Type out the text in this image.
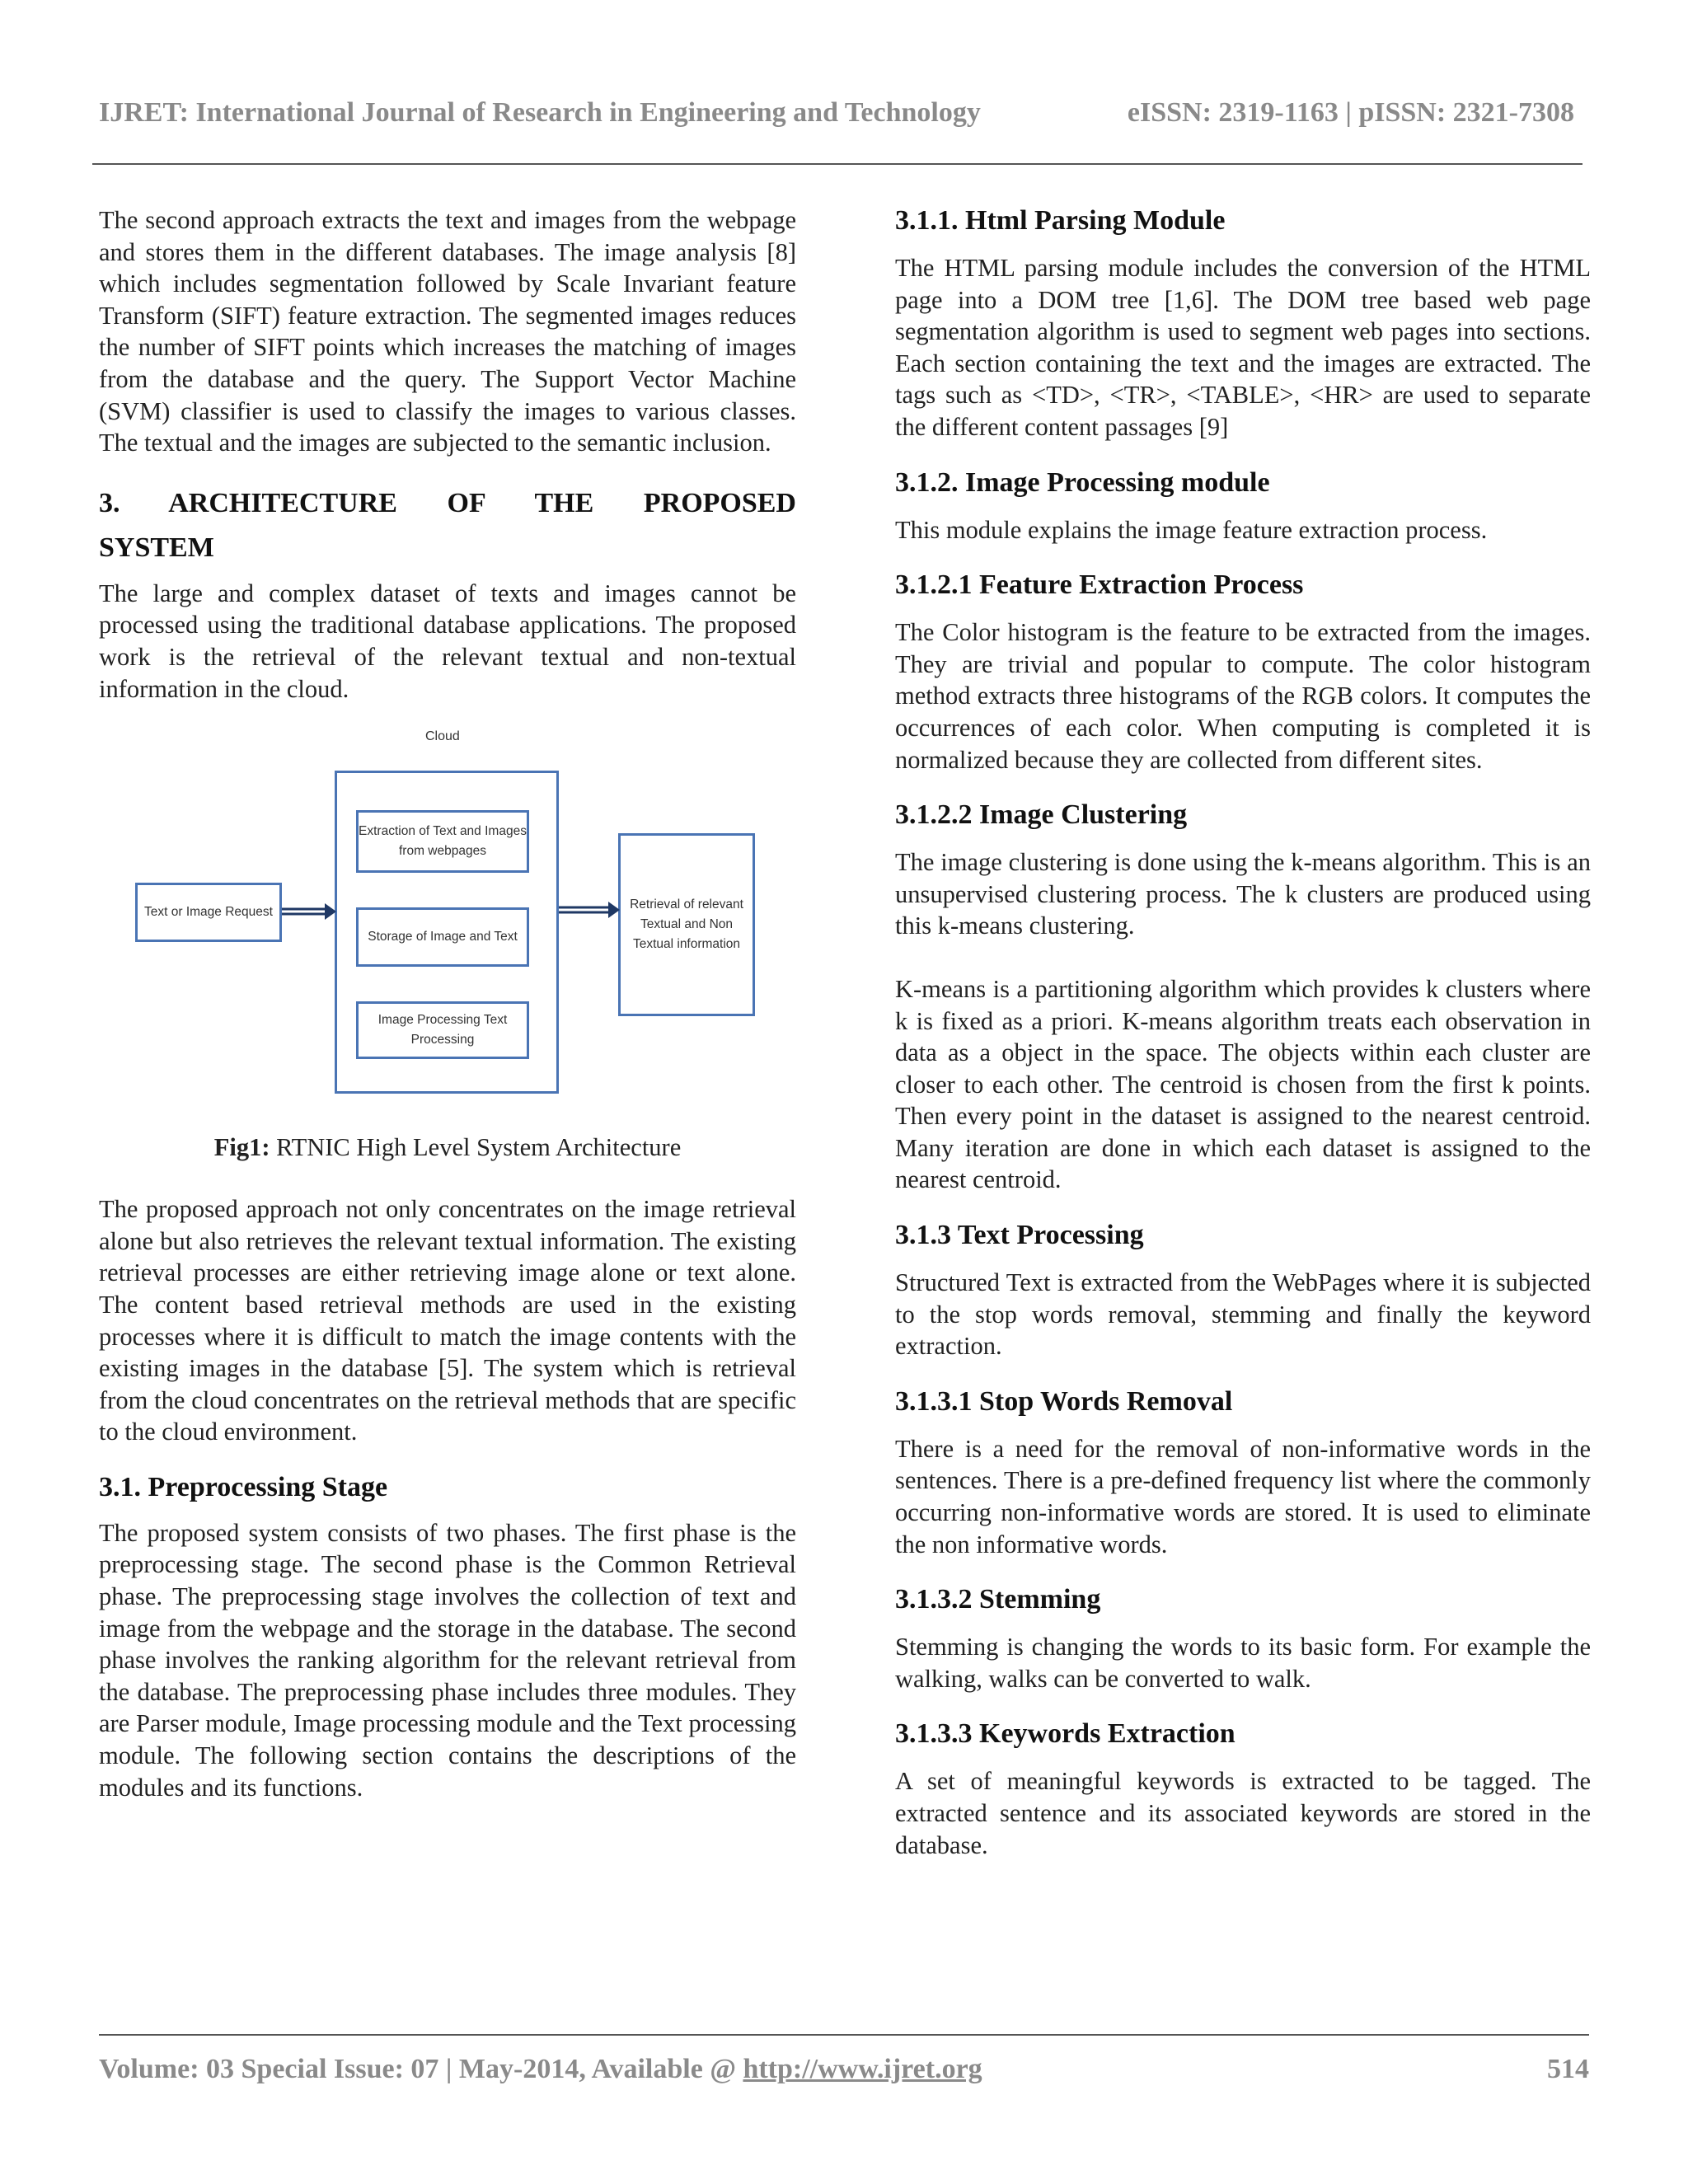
IJRET: International Journal of Research in Engineering and Technology	eISSN: 2319-1163 | pISSN: 2321-7308

The second approach extracts the text and images from the webpage and stores them in the different databases. The image analysis [8] which includes segmentation followed by Scale Invariant feature Transform (SIFT) feature extraction. The segmented images reduces the number of SIFT points which increases the matching of images from the database and the query. The Support Vector Machine (SVM) classifier is used to classify the images to various classes. The textual and the images are subjected to the semantic inclusion.

3. ARCHITECTURE OF THE PROPOSED
SYSTEM

The large and complex dataset of texts and images cannot be processed using the traditional database applications. The proposed work is the retrieval of the relevant textual and non-textual information in the cloud.

Cloud
Text or Image Request
Extraction of Text and Images from webpages
Storage of Image and Text
Image Processing Text Processing
Retrieval of relevant Textual and Non Textual information

Fig1: RTNIC High Level System Architecture

The proposed approach not only concentrates on the image retrieval alone but also retrieves the relevant textual information. The existing retrieval processes are either retrieving image alone or text alone. The content based retrieval methods are used in the existing processes where it is difficult to match the image contents with the existing images in the database [5]. The system which is retrieval from the cloud concentrates on the retrieval methods that are specific to the cloud environment.

3.1. Preprocessing Stage

The proposed system consists of two phases. The first phase is the preprocessing stage. The second phase is the Common Retrieval phase. The preprocessing stage involves the collection of text and image from the webpage and the storage in the database. The second phase involves the ranking algorithm for the relevant retrieval from the database. The preprocessing phase includes three modules. They are Parser module, Image processing module and the Text processing module. The following section contains the descriptions of the modules and its functions.

3.1.1. Html Parsing Module

The HTML parsing module includes the conversion of the HTML page into a DOM tree [1,6]. The DOM tree based web page segmentation algorithm is used to segment web pages into sections. Each section containing the text and the images are extracted. The tags such as <TD>, <TR>, <TABLE>, <HR> are used to separate the different content passages [9]

3.1.2. Image Processing module

This module explains the image feature extraction process.

3.1.2.1 Feature Extraction Process

The Color histogram is the feature to be extracted from the images. They are trivial and popular to compute. The color histogram method extracts three histograms of the RGB colors. It computes the occurrences of each color. When computing is completed it is normalized because they are collected from different sites.

3.1.2.2 Image Clustering

The image clustering is done using the k-means algorithm. This is an unsupervised clustering process. The k clusters are produced using this k-means clustering.

K-means is a partitioning algorithm which provides k clusters where k is fixed as a priori. K-means algorithm treats each observation in data as a object in the space. The objects within each cluster are closer to each other. The centroid is chosen from the first k points. Then every point in the dataset is assigned to the nearest centroid. Many iteration are done in which each dataset is assigned to the nearest centroid.

3.1.3 Text Processing

Structured Text is extracted from the WebPages where it is subjected to the stop words removal, stemming and finally the keyword extraction.

3.1.3.1 Stop Words Removal

There is a need for the removal of non-informative words in the sentences. There is a pre-defined frequency list where the commonly occurring non-informative words are stored. It is used to eliminate the non informative words.

3.1.3.2 Stemming

Stemming is changing the words to its basic form. For example the walking, walks can be converted to walk.

3.1.3.3 Keywords Extraction

A set of meaningful keywords is extracted to be tagged. The extracted sentence and its associated keywords are stored in the database.

Volume: 03 Special Issue: 07 | May-2014, Available @ http://www.ijret.org	514
